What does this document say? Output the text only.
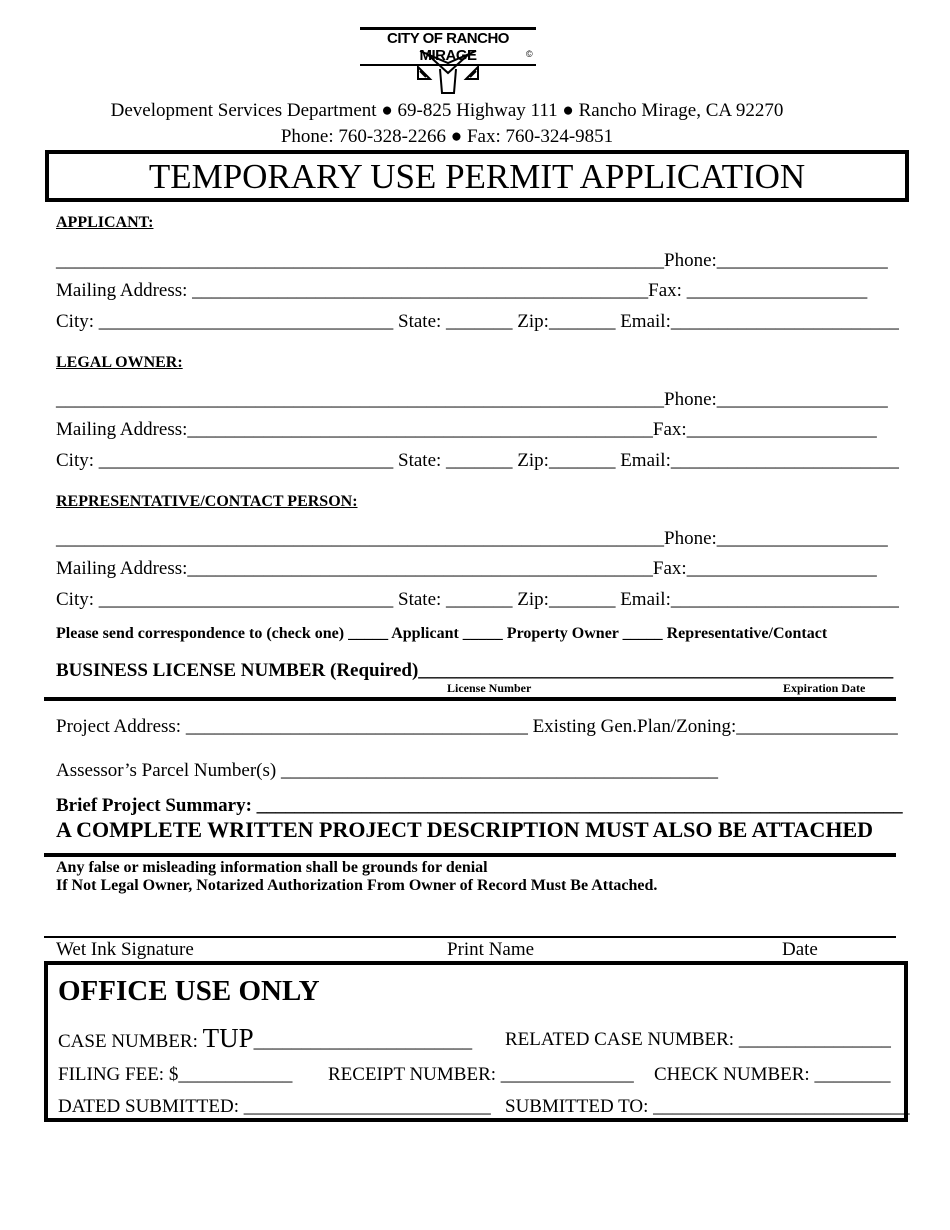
CITY OF RANCHO MIRAGE	©
Development Services Department ● 69-825 Highway 111 ● Rancho Mirage, CA 92270
Phone: 760-328-2266 ● Fax: 760-324-9851
TEMPORARY USE PERMIT APPLICATION
APPLICANT:
________________________________________________________________Phone:__________________
Mailing Address: ________________________________________________Fax: ___________________
City: _______________________________ State: _______ Zip:_______ Email:________________________
LEGAL OWNER:
________________________________________________________________Phone:__________________
Mailing Address:_________________________________________________Fax:____________________
City: _______________________________ State: _______ Zip:_______ Email:________________________
REPRESENTATIVE/CONTACT PERSON:
________________________________________________________________Phone:__________________
Mailing Address:_________________________________________________Fax:____________________
City: _______________________________ State: _______ Zip:_______ Email:________________________
Please send correspondence to (check one) _____ Applicant _____ Property Owner _____ Representative/Contact
BUSINESS LICENSE NUMBER (Required)__________________________________________________
License Number	Expiration Date
Project Address: ____________________________________ Existing Gen.Plan/Zoning:_________________
Assessor’s Parcel Number(s) ______________________________________________
Brief Project Summary: ____________________________________________________________________
A COMPLETE WRITTEN PROJECT DESCRIPTION MUST ALSO BE ATTACHED
Any false or misleading information shall be grounds for denial
If Not Legal Owner, Notarized Authorization From Owner of Record Must Be Attached.
Wet Ink Signature	Print Name	Date
OFFICE USE ONLY
CASE NUMBER: TUP_______________________ RELATED CASE NUMBER: ________________
FILING FEE: $____________ RECEIPT NUMBER: ______________ CHECK NUMBER: ________
DATED SUBMITTED: __________________________ SUBMITTED TO: ___________________________
